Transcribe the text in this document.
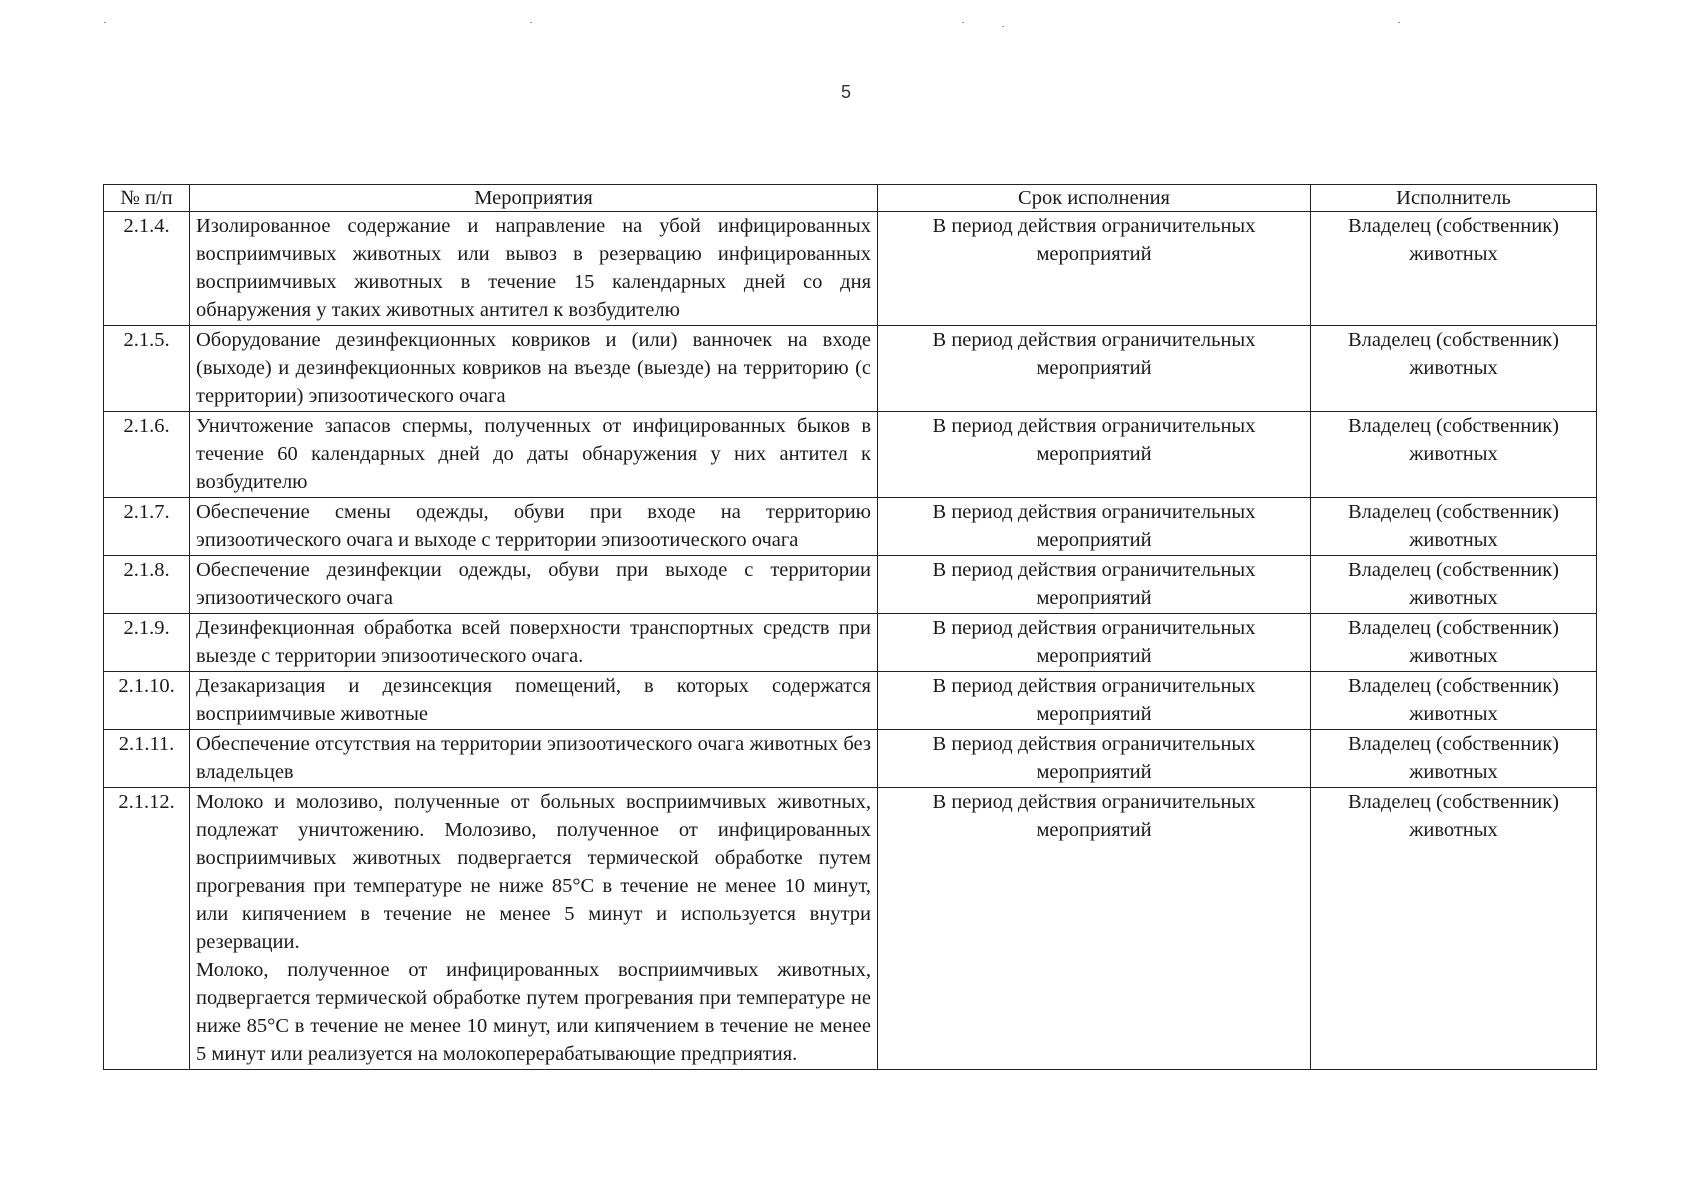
5
№ п/п	Мероприятия	Срок исполнения	Исполнитель
2.1.4.	Изолированное содержание и направление на убой инфицированных восприимчивых животных или вывоз в резервацию инфицированных восприимчивых животных в течение 15 календарных дней со дня обнаружения у таких животных антител к возбудителю	В период действия ограничительных мероприятий	Владелец (собственник) животных
2.1.5.	Оборудование дезинфекционных ковриков и (или) ванночек на входе (выходе) и дезинфекционных ковриков на въезде (выезде) на территорию (с территории) эпизоотического очага	В период действия ограничительных мероприятий	Владелец (собственник) животных
2.1.6.	Уничтожение запасов спермы, полученных от инфицированных быков в течение 60 календарных дней до даты обнаружения у них антител к возбудителю	В период действия ограничительных мероприятий	Владелец (собственник) животных
2.1.7.	Обеспечение смены одежды, обуви при входе на территорию эпизоотического очага и выходе с территории эпизоотического очага	В период действия ограничительных мероприятий	Владелец (собственник) животных
2.1.8.	Обеспечение дезинфекции одежды, обуви при выходе с территории эпизоотического очага	В период действия ограничительных мероприятий	Владелец (собственник) животных
2.1.9.	Дезинфекционная обработка всей поверхности транспортных средств при выезде с территории эпизоотического очага.	В период действия ограничительных мероприятий	Владелец (собственник) животных
2.1.10.	Дезакаризация и дезинсекция помещений, в которых содержатся восприимчивые животные	В период действия ограничительных мероприятий	Владелец (собственник) животных
2.1.11.	Обеспечение отсутствия на территории эпизоотического очага животных без владельцев	В период действия ограничительных мероприятий	Владелец (собственник) животных
2.1.12.	Молоко и молозиво, полученные от больных восприимчивых животных, подлежат уничтожению. Молозиво, полученное от инфицированных восприимчивых животных подвергается термической обработке путем прогревания при температуре не ниже 85°С в течение не менее 10 минут, или кипячением в течение не менее 5 минут и используется внутри резервации.
Молоко, полученное от инфицированных восприимчивых животных, подвергается термической обработке путем прогревания при температуре не ниже 85°С в течение не менее 10 минут, или кипячением в течение не менее 5 минут или реализуется на молокоперерабатывающие предприятия.	В период действия ограничительных мероприятий	Владелец (собственник) животных
